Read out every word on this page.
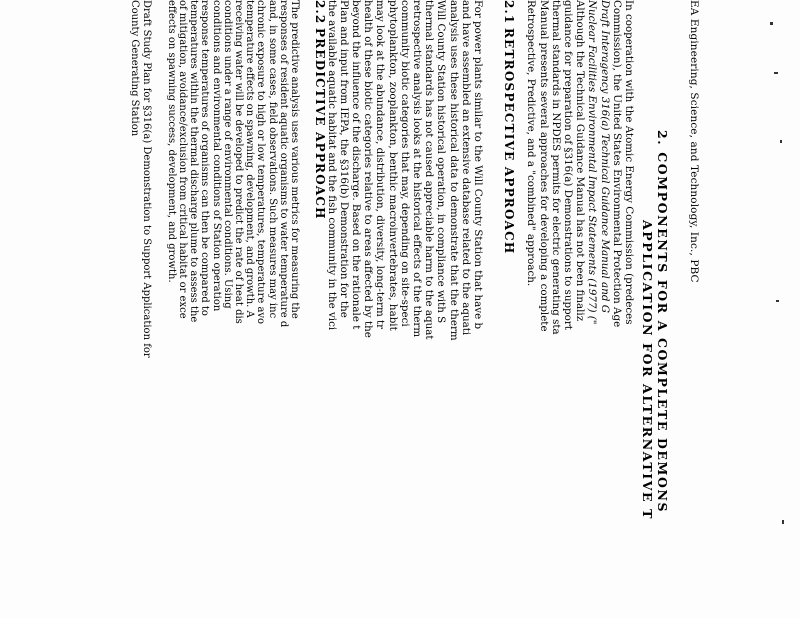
EA Engineering, Science, and Technology, Inc., PBC
2. COMPONENTS FOR A COMPLETE DEMONS
APPLICATION FOR ALTERNATIVE T
In cooperation with the Atomic Energy Commission (predeces
Commission), the United States Environmental Protection Age
Draft Interagency 316(a) Technical Guidance Manual and G
Nuclear Facilities Environmental Impact Statements (1977) ("
Although the Technical Guidance Manual has not been finaliz
guidance for preparation of §316(a) Demonstrations to support
thermal standards in NPDES permits for electric generating sta
Manual presents several approaches for developing a complete
Retrospective, Predictive, and a "combined" approach.
2.1
RETROSPECTIVE APPROACH
For power plants similar to the Will County Station that have b
and have assembled an extensive database related to the aquati
analysis uses these historical data to demonstrate that the therm
Will County Station historical operation, in compliance with S
thermal standards has not caused appreciable harm to the aquat
retrospective analysis looks at the historical effects of the therm
community biotic categories that may, depending on site-speci
phytoplankton, zooplankton, benthic macroinvertebrates, habit
may look at the abundance, distribution, diversity, long-term tr
health of these biotic categories relative to areas affected by the
beyond the influence of the discharge. Based on the rationale t
Plan and input from IEPA, the §316(b) Demonstration for the
the available aquatic habitat and the fish community in the vici
2.2
PREDICTIVE APPROACH
The predictive analysis uses various metrics for measuring the
responses of resident aquatic organisms to water temperature d
and, in some cases, field observations. Such measures may inc
chronic exposure to high or low temperatures, temperature avo
temperature effects on spawning, development, and growth. A
receiving water will be developed to predict the rate of heat dis
conditions under a range of environmental conditions. Using
conditions and environmental conditions of Station operation
response temperatures of organisms can then be compared to
temperatures within the thermal discharge plume to assess the
of mitigation, avoidance/exclusion from critical habitat or exce
effects on spawning success, development, and growth.
Draft Study Plan for §316(a) Demonstration to Support Application for
County Generating Station
